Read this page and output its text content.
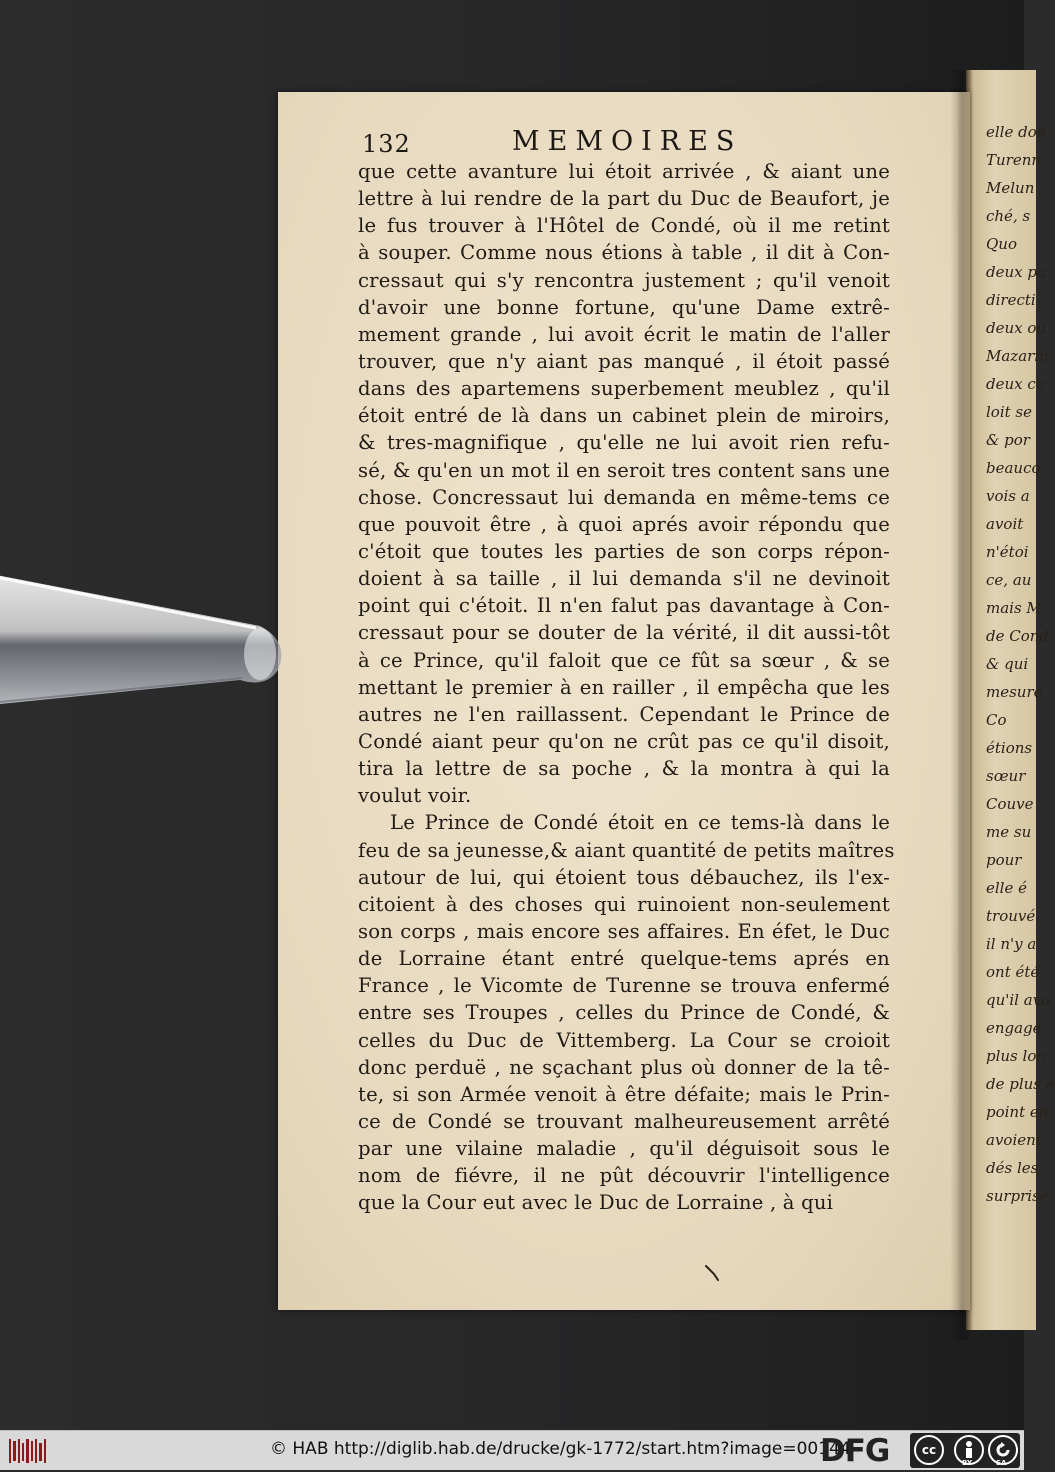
elle don
Turenn
Melun
ché, s
Quo
deux pa
directi
deux ou
Mazarin
deux ce
loit se
& por
beauco
vois a
avoit
n'étoi
ce, au
mais M
de Cond
& qui
mesure
Co
étions
sœur
Couve
me su
pour
elle é
trouvé
il n'y a
ont été
qu'il avo
engagé
plus lon
de plus e
point en
avoient
dés les
surprise
132	MEMOIRES
que cette avanture lui étoit arrivée , & aiant une
lettre à lui rendre de la part du Duc de Beaufort, je
le fus trouver à l'Hôtel de Condé, où il me retint
à souper. Comme nous étions à table , il dit à Con-
cressaut qui s'y rencontra justement ; qu'il venoit
d'avoir une bonne fortune, qu'une Dame extrê-
mement grande , lui avoit écrit le matin de l'aller
trouver, que n'y aiant pas manqué , il étoit passé
dans des apartemens superbement meublez , qu'il
étoit entré de là dans un cabinet plein de miroirs,
& tres-magnifique , qu'elle ne lui avoit rien refu-
sé, & qu'en un mot il en seroit tres content sans une
chose. Concressaut lui demanda en même-tems ce
que pouvoit être , à quoi aprés avoir répondu que
c'étoit que toutes les parties de son corps répon-
doient à sa taille , il lui demanda s'il ne devinoit
point qui c'étoit. Il n'en falut pas davantage à Con-
cressaut pour se douter de la vérité, il dit aussi-tôt
à ce Prince, qu'il faloit que ce fût sa sœur , & se
mettant le premier à en railler , il empêcha que les
autres ne l'en raillassent. Cependant le Prince de
Condé aiant peur qu'on ne crût pas ce qu'il disoit,
tira la lettre de sa poche , & la montra à qui la
voulut voir.
Le Prince de Condé étoit en ce tems-là dans le
feu de sa jeunesse,& aiant quantité de petits maîtres
autour de lui, qui étoient tous débauchez, ils l'ex-
citoient à des choses qui ruinoient non-seulement
son corps , mais encore ses affaires. En éfet, le Duc
de Lorraine étant entré quelque-tems aprés en
France , le Vicomte de Turenne se trouva enfermé
entre ses Troupes , celles du Prince de Condé, &
celles du Duc de Vittemberg. La Cour se croioit
donc perduë , ne sçachant plus où donner de la tê-
te, si son Armée venoit à être défaite; mais le Prin-
ce de Condé se trouvant malheureusement arrêté
par une vilaine maladie , qu'il déguisoit sous le
nom de fiévre, il ne pût découvrir l'intelligence
que la Cour eut avec le Duc de Lorraine , à qui
© HAB http://diglib.hab.de/drucke/gk-1772/start.htm?image=00144
DFG	cc
BY	SA
